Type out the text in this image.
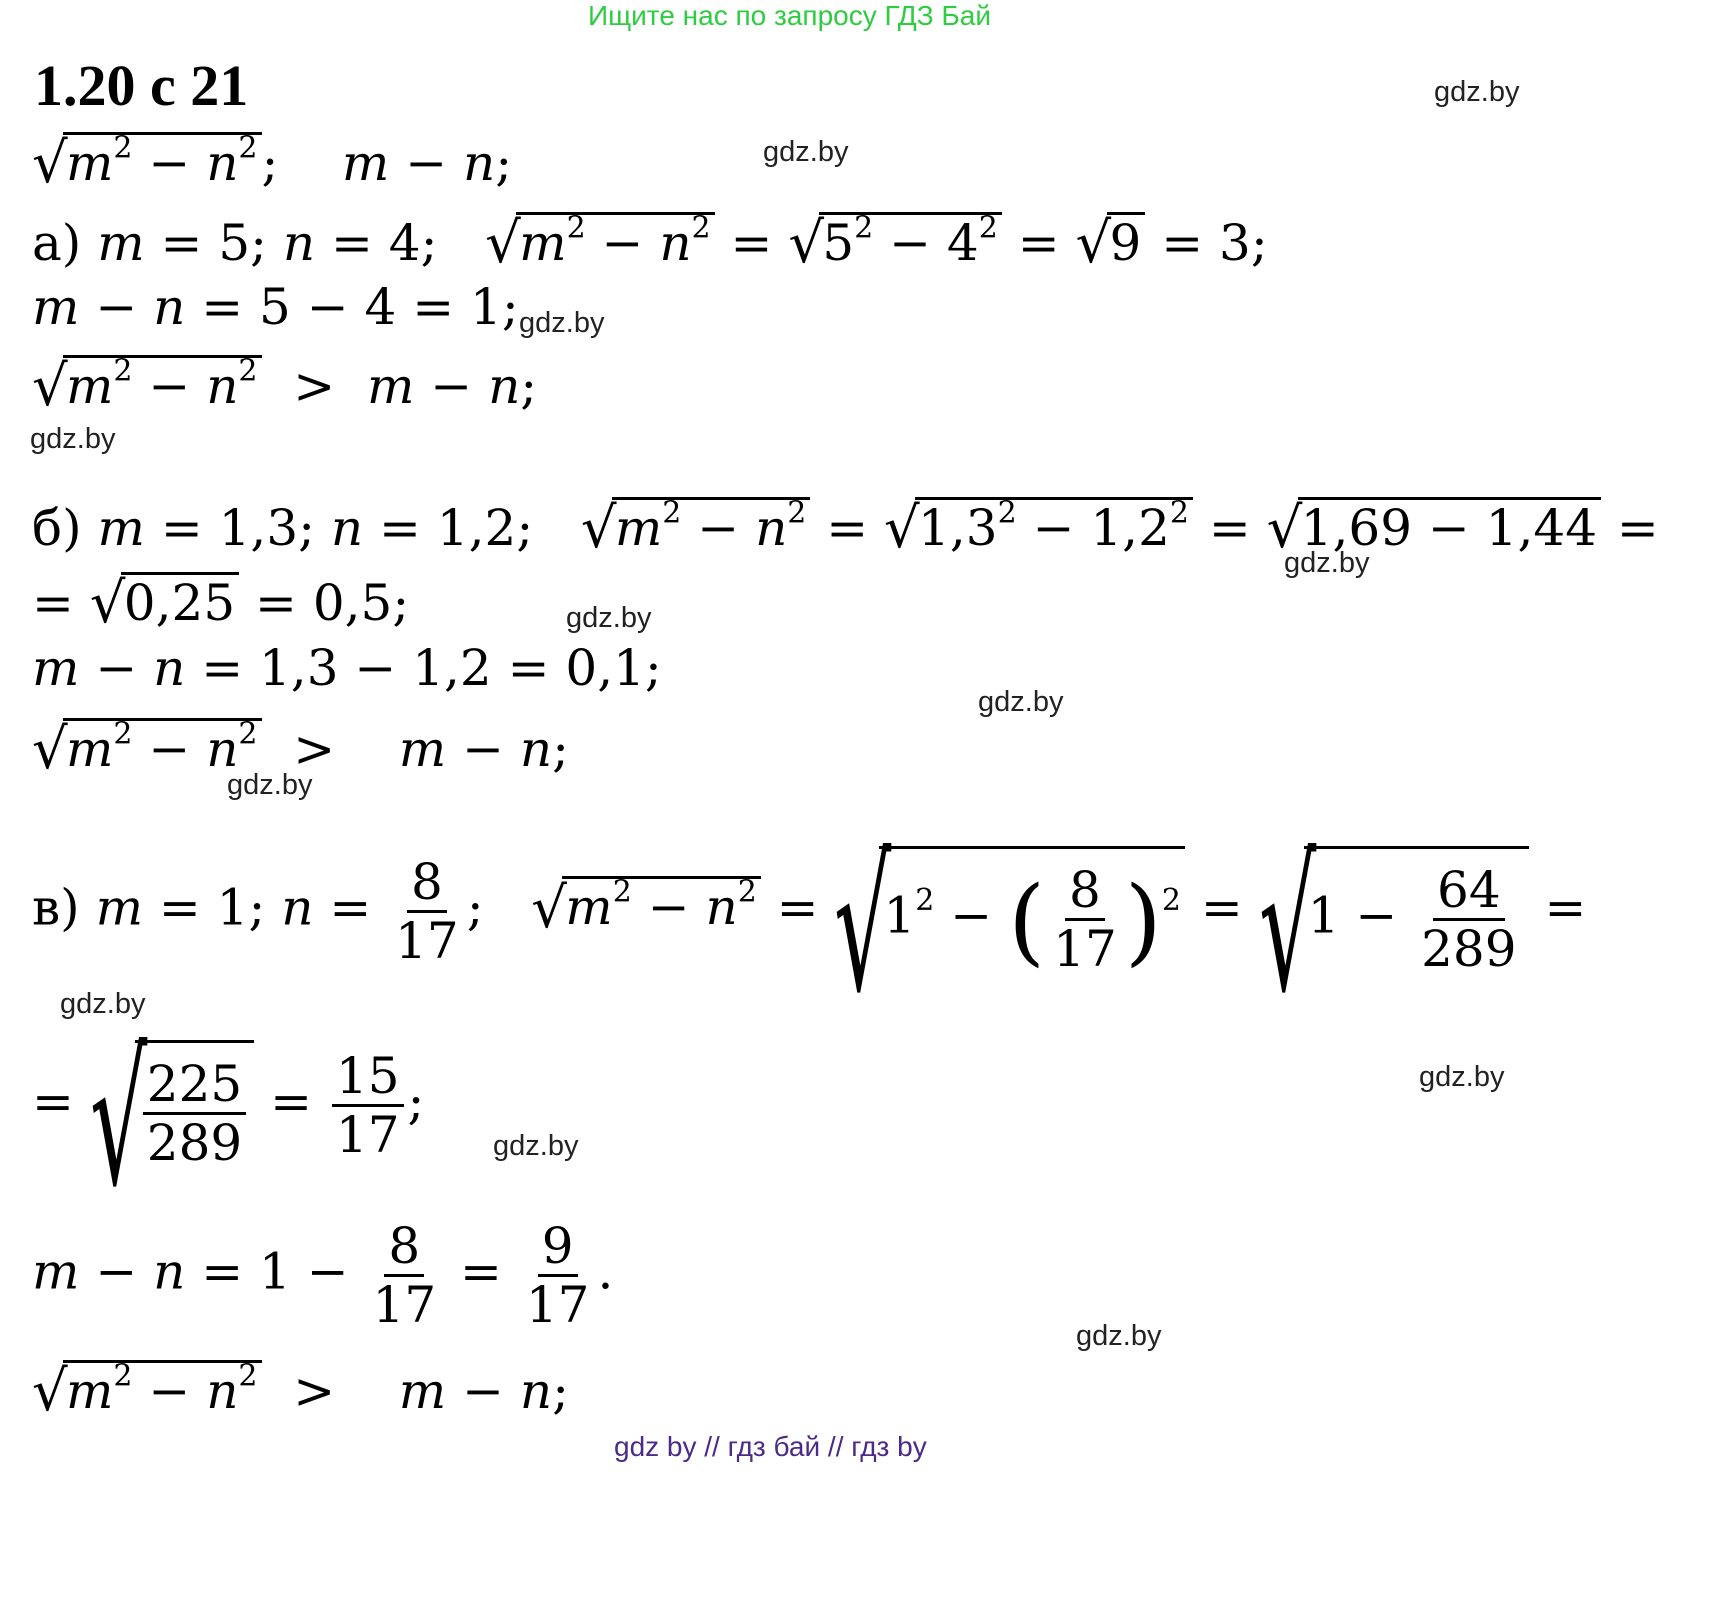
Ищите нас по запросу ГДЗ Бай
1.20 с 21	gdz.by
gdz.by
gdz.by
gdz.by
gdz.by
gdz.by
gdz.by
gdz.by
gdz.by
gdz.by
gdz.by
gdz.by
√
$m^2 - n^2$;    m − n;
а) m = 5; n = 4; √
$m^2 - n^2$ = √
$5^2 - 4^2$ = √
9 = 3;
m − n = 5 − 4 = 1;
√
$m^2 - n^2 > m - n$;
б) m = 1,3; n = 1,2; √
$m^2 - n^2$ = √
$1,3^2 - 1,2^2$ = √
1,69 − 1,44 =
= √
0,25 = 0,5;
m − n = 1,3 − 1,2 = 0,1;
√
$m^2 - n^2$  >    m − n;
в) m = 1; $n = \frac{8}{17}$ ; √
$m^2 - n^2$ = √
$1^2$ − ( $\frac{8}{17} )^2$ = √
$1 - \frac{64}{289}$ =
= √
$\frac{225}{289} = \frac{15}{17}$ ;
$m - n = 1 - \frac{8}{17} = \frac{9}{17}$ .
√
$m^2 - n^2$  >    m − n;
gdz by // гдз бай // гдз by
